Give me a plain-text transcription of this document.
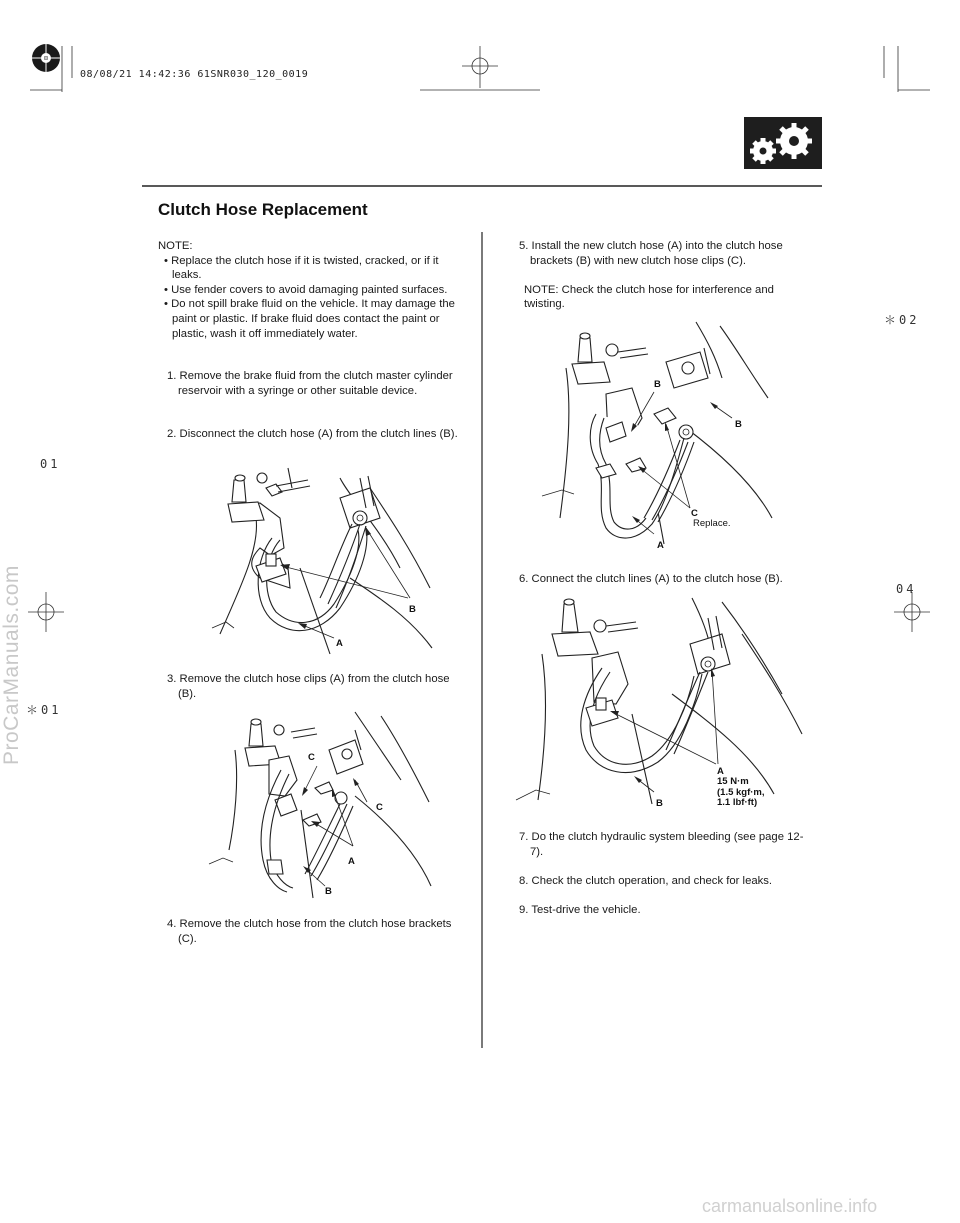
08/08/21 14:42:36 61SNR030_120_0019
＊02
01
04
＊01
ProCarManuals.com
carmanualsonline.info
Clutch Hose Replacement

NOTE:

• Replace the clutch hose if it is twisted, cracked, or if it leaks.

• Use fender covers to avoid damaging painted surfaces.

• Do not spill brake fluid on the vehicle. It may damage the paint or plastic. If brake fluid does contact the paint or plastic, wash it off immediately water.

1. Remove the brake fluid from the clutch master cylinder reservoir with a syringe or other suitable device.

2. Disconnect the clutch hose (A) from the clutch lines (B).

B
A

3. Remove the clutch hose clips (A) from the clutch hose (B).

C
C
A
B

4. Remove the clutch hose from the clutch hose brackets (C).

5. Install the new clutch hose (A) into the clutch hose brackets (B) with new clutch hose clips (C).

NOTE: Check the clutch hose for interference and twisting.

B
B
C
Replace.
A

6. Connect the clutch lines (A) to the clutch hose (B).

A
15 N·m
(1.5 kgf·m,
1.1 lbf·ft)
B

7. Do the clutch hydraulic system bleeding (see page 12-7).

8. Check the clutch operation, and check for leaks.

9. Test-drive the vehicle.
